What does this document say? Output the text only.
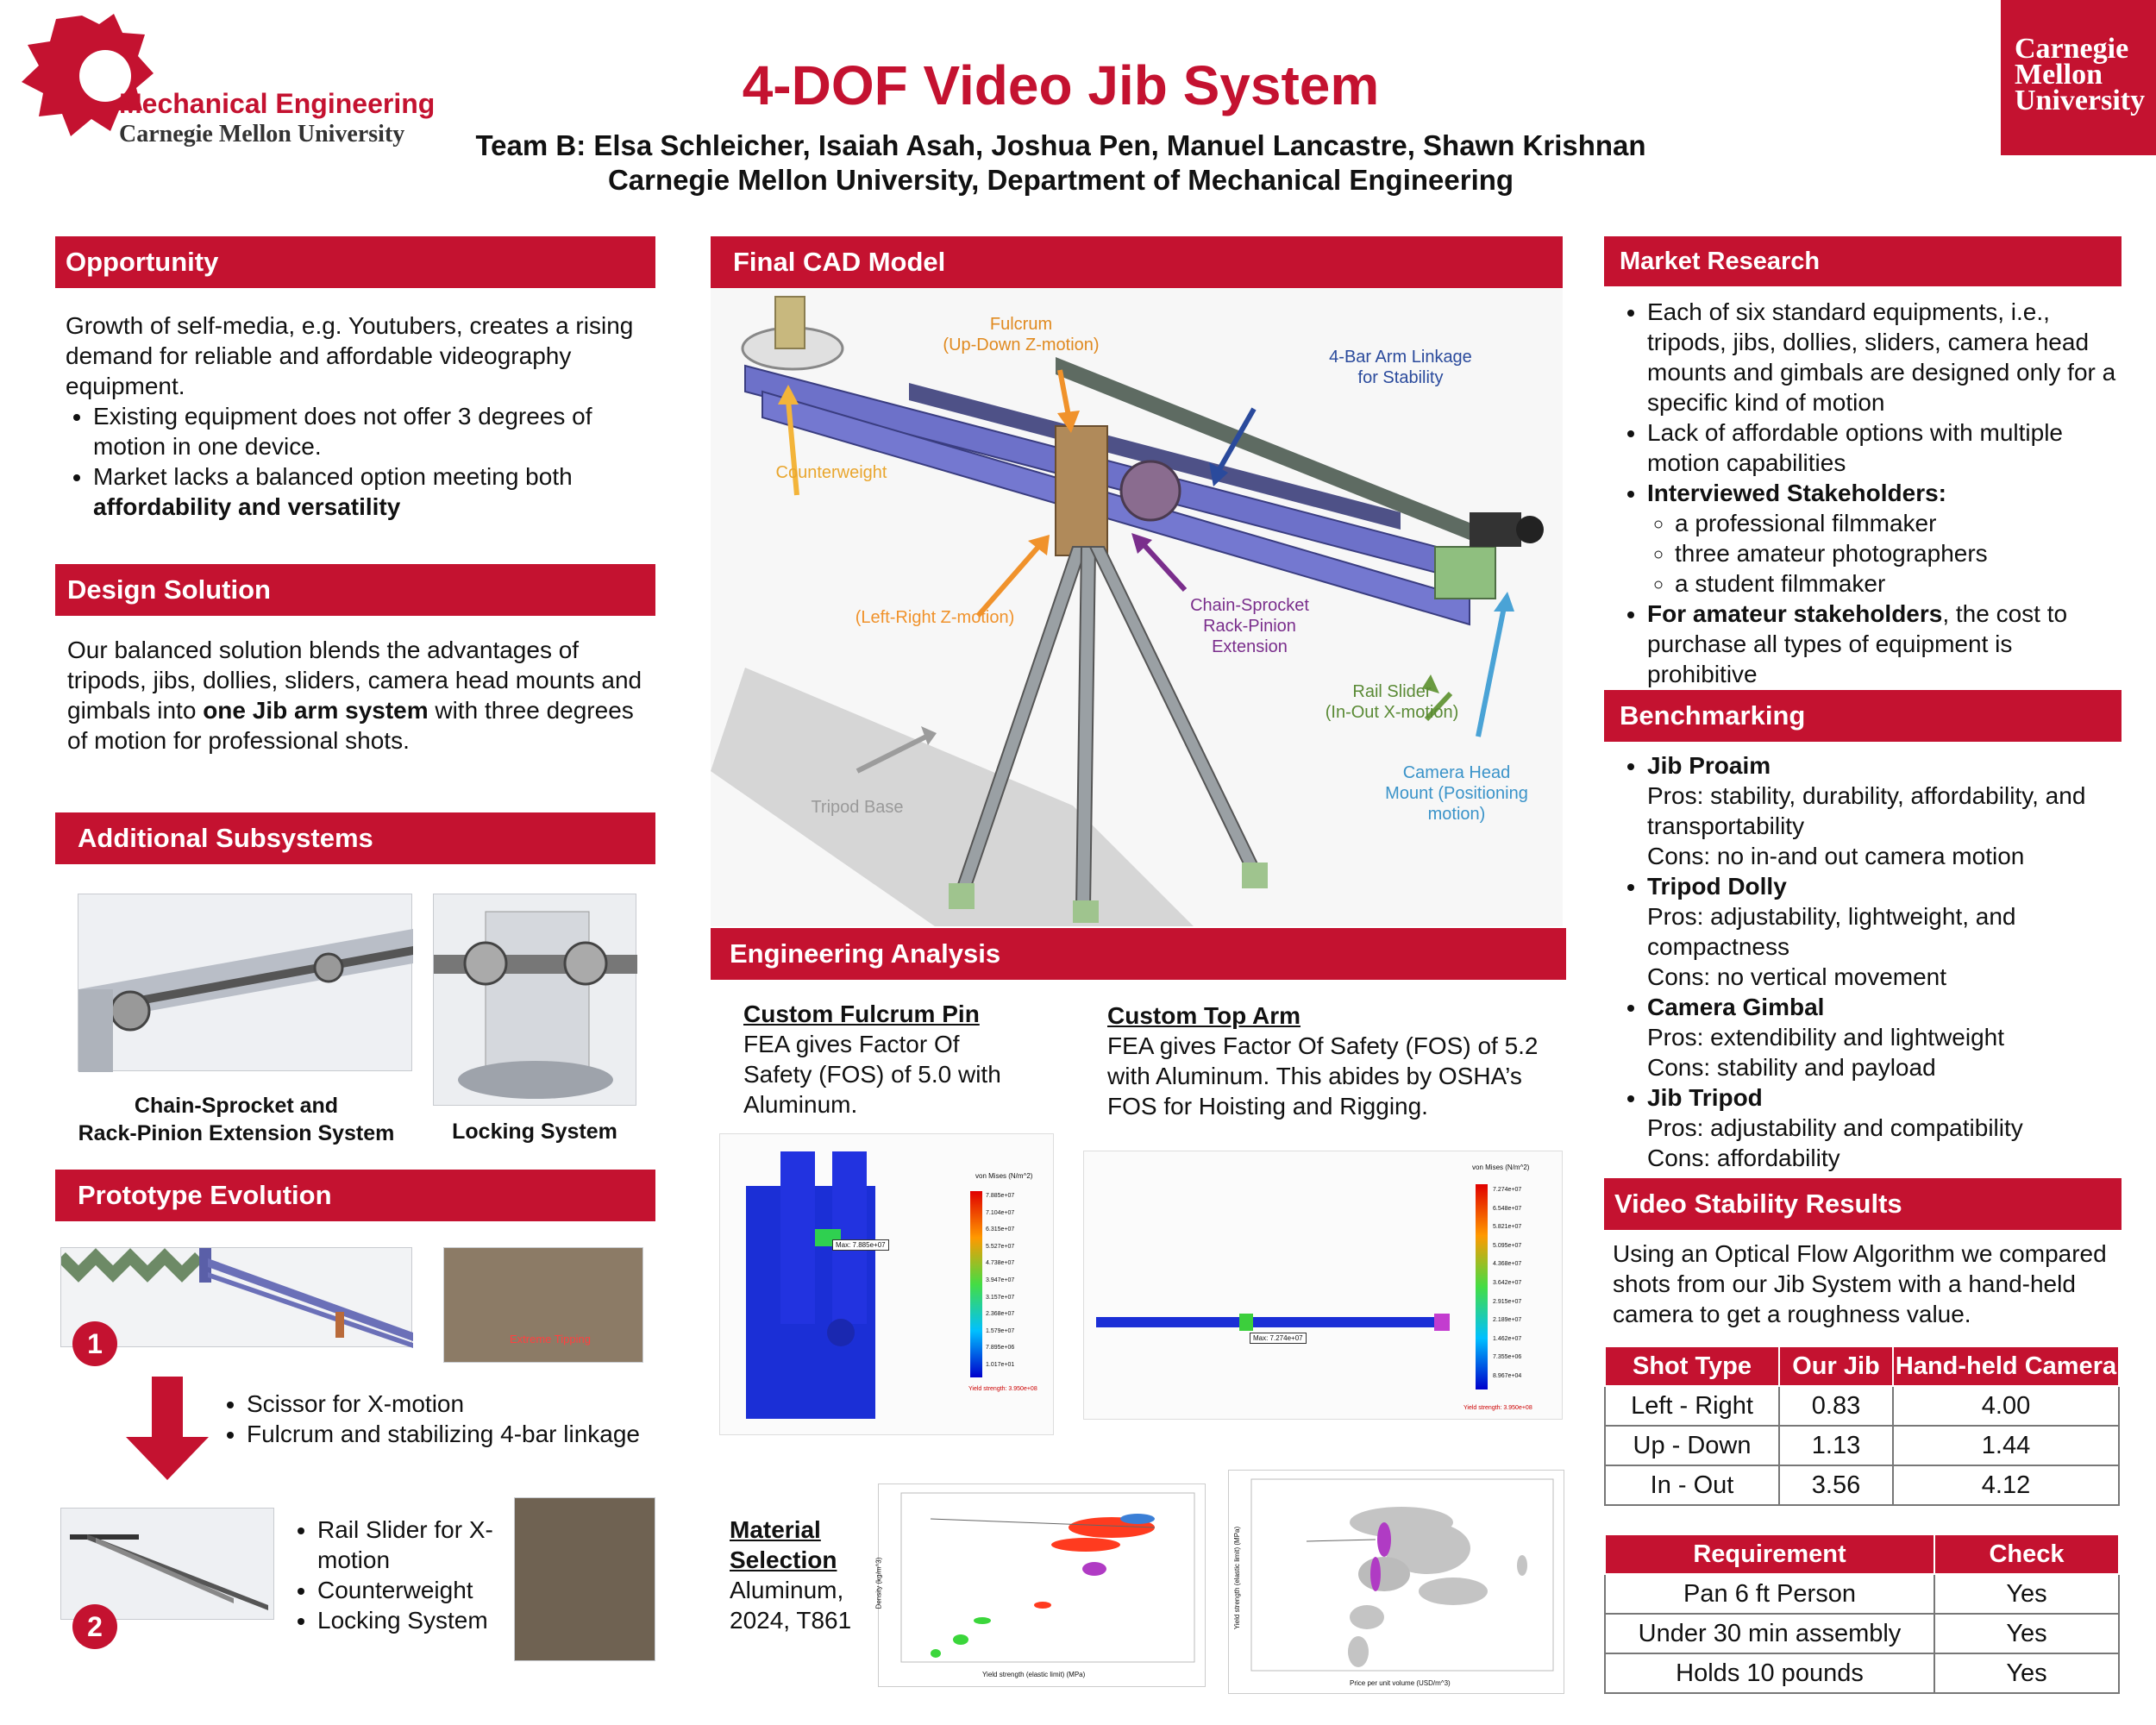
Mechanical Engineering
Carnegie Mellon University
4-DOF Video Jib System
Team B: Elsa Schleicher, Isaiah Asah, Joshua Pen, Manuel Lancastre, Shawn Krishnan
Carnegie Mellon University, Department of Mechanical Engineering
Carnegie
Mellon
University
Opportunity
Growth of self-media, e.g. Youtubers, creates a rising demand for reliable and affordable videography equipment.
• Existing equipment does not offer 3 degrees of motion in one device.
• Market lacks a balanced option meeting both affordability and versatility
Design Solution
Our balanced solution blends the advantages of tripods, jibs, dollies, sliders, camera head mounts and gimbals into one Jib arm system with three degrees of motion for professional shots.
Additional Subsystems
Chain-Sprocket and
Rack-Pinion Extension System	Locking System
Prototype Evolution
Extreme Tipping
1
• Scissor for X-motion
• Fulcrum and stabilizing 4-bar linkage
2
• Rail Slider for X-motion
• Counterweight
• Locking System
Final CAD Model
Fulcrum
(Up-Down Z-motion)
4-Bar Arm Linkage
for Stability
Counterweight
(Left-Right Z-motion)
Chain-Sprocket
Rack-Pinion
Extension
Rail Slider
(In-Out X-motion)
Camera Head
Mount (Positioning
motion)
Tripod Base
Engineering Analysis
Custom Fulcrum Pin
FEA gives Factor Of Safety (FOS) of 5.0 with Aluminum.
Custom Top Arm
FEA gives Factor Of Safety (FOS) of 5.2 with Aluminum. This abides by OSHA’s FOS for Hoisting and Rigging.
von Mises (N/m^2)
7.885e+07
7.104e+07
6.315e+07
5.527e+07
4.738e+07
3.947e+07
3.157e+07
2.368e+07
1.579e+07
7.895e+06
1.017e+01
Max: 7.885e+07
Yield strength: 3.950e+08
von Mises (N/m^2)
7.274e+07
6.548e+07
5.821e+07
5.095e+07
4.368e+07
3.642e+07
2.915e+07
2.189e+07
1.462e+07
7.355e+06
8.967e+04
Max: 7.274e+07
Yield strength: 3.950e+08
Material
Selection
Aluminum, 2024, T861
Yield strength (elastic limit) (MPa)
Density (kg/m^3)
Price per unit volume (USD/m^3)
Yield strength (elastic limit) (MPa)
Market Research
• Each of six standard equipments, i.e., tripods, jibs, dollies, sliders, camera head mounts and gimbals are designed only for a specific kind of motion
• Lack of affordable options with multiple motion capabilities
• Interviewed Stakeholders:
◦ a professional filmmaker
◦ three amateur photographers
◦ a student filmmaker
• For amateur stakeholders, the cost to purchase all types of equipment is prohibitive
Benchmarking
• Jib Proaim
Pros: stability, durability, affordability, and transportability
Cons: no in-and out camera motion
• Tripod Dolly
Pros: adjustability, lightweight, and compactness
Cons: no vertical movement
• Camera Gimbal
Pros: extendibility and lightweight
Cons: stability and payload
• Jib Tripod
Pros: adjustability and compatibility
Cons: affordability
Video Stability Results
Using an Optical Flow Algorithm we compared shots from our Jib System with a hand-held camera to get a roughness value.
Shot Type	Our Jib	Hand-held Camera
Left - Right	0.83	4.00
Up - Down	1.13	1.44
In - Out	3.56	4.12
Requirement	Check
Pan 6 ft Person	Yes
Under 30 min assembly	Yes
Holds 10 pounds	Yes
